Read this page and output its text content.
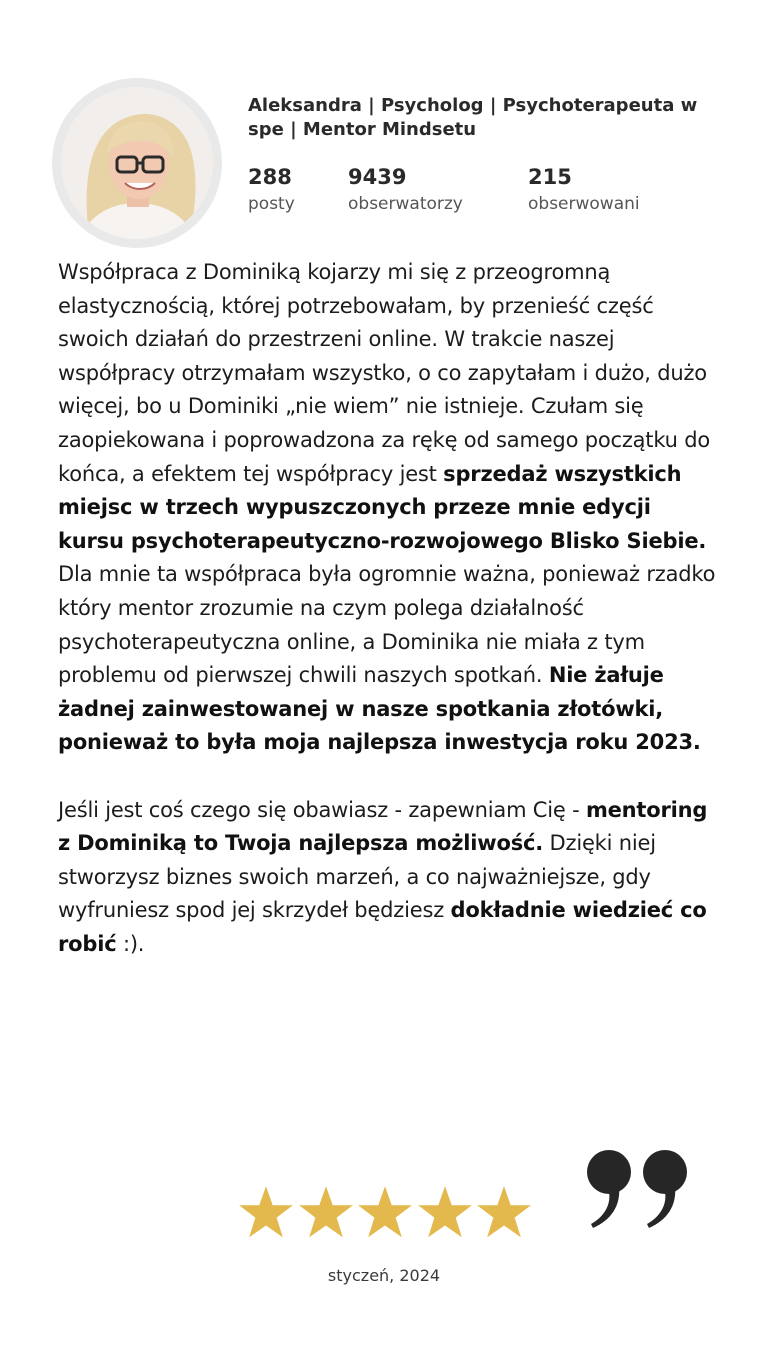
Aleksandra | Psycholog | Psychoterapeuta w spe | Mentor Mindsetu
288
posty
9439
obserwatorzy
215
obserwowani

Współpraca z Dominiką kojarzy mi się z przeogromną elastycznością, której potrzebowałam, by przenieść część swoich działań do przestrzeni online. W trakcie naszej współpracy otrzymałam wszystko, o co zapytałam i dużo, dużo więcej, bo u Dominiki „nie wiem” nie istnieje. Czułam się zaopiekowana i poprowadzona za rękę od samego początku do końca, a efektem tej współpracy jest sprzedaż wszystkich miejsc w trzech wypuszczonych przeze mnie edycji kursu psychoterapeutyczno-rozwojowego Blisko Siebie. Dla mnie ta współpraca była ogromnie ważna, ponieważ rzadko który mentor zrozumie na czym polega działalność psychoterapeutyczna online, a Dominika nie miała z tym problemu od pierwszej chwili naszych spotkań. Nie żałuje żadnej zainwestowanej w nasze spotkania złotówki, ponieważ to była moja najlepsza inwestycja roku 2023.

Jeśli jest coś czego się obawiasz - zapewniam Cię - mentoring z Dominiką to Twoja najlepsza możliwość. Dzięki niej stworzysz biznes swoich marzeń, a co najważniejsze, gdy wyfruniesz spod jej skrzydeł będziesz dokładnie wiedzieć co robić :).

styczeń, 2024
